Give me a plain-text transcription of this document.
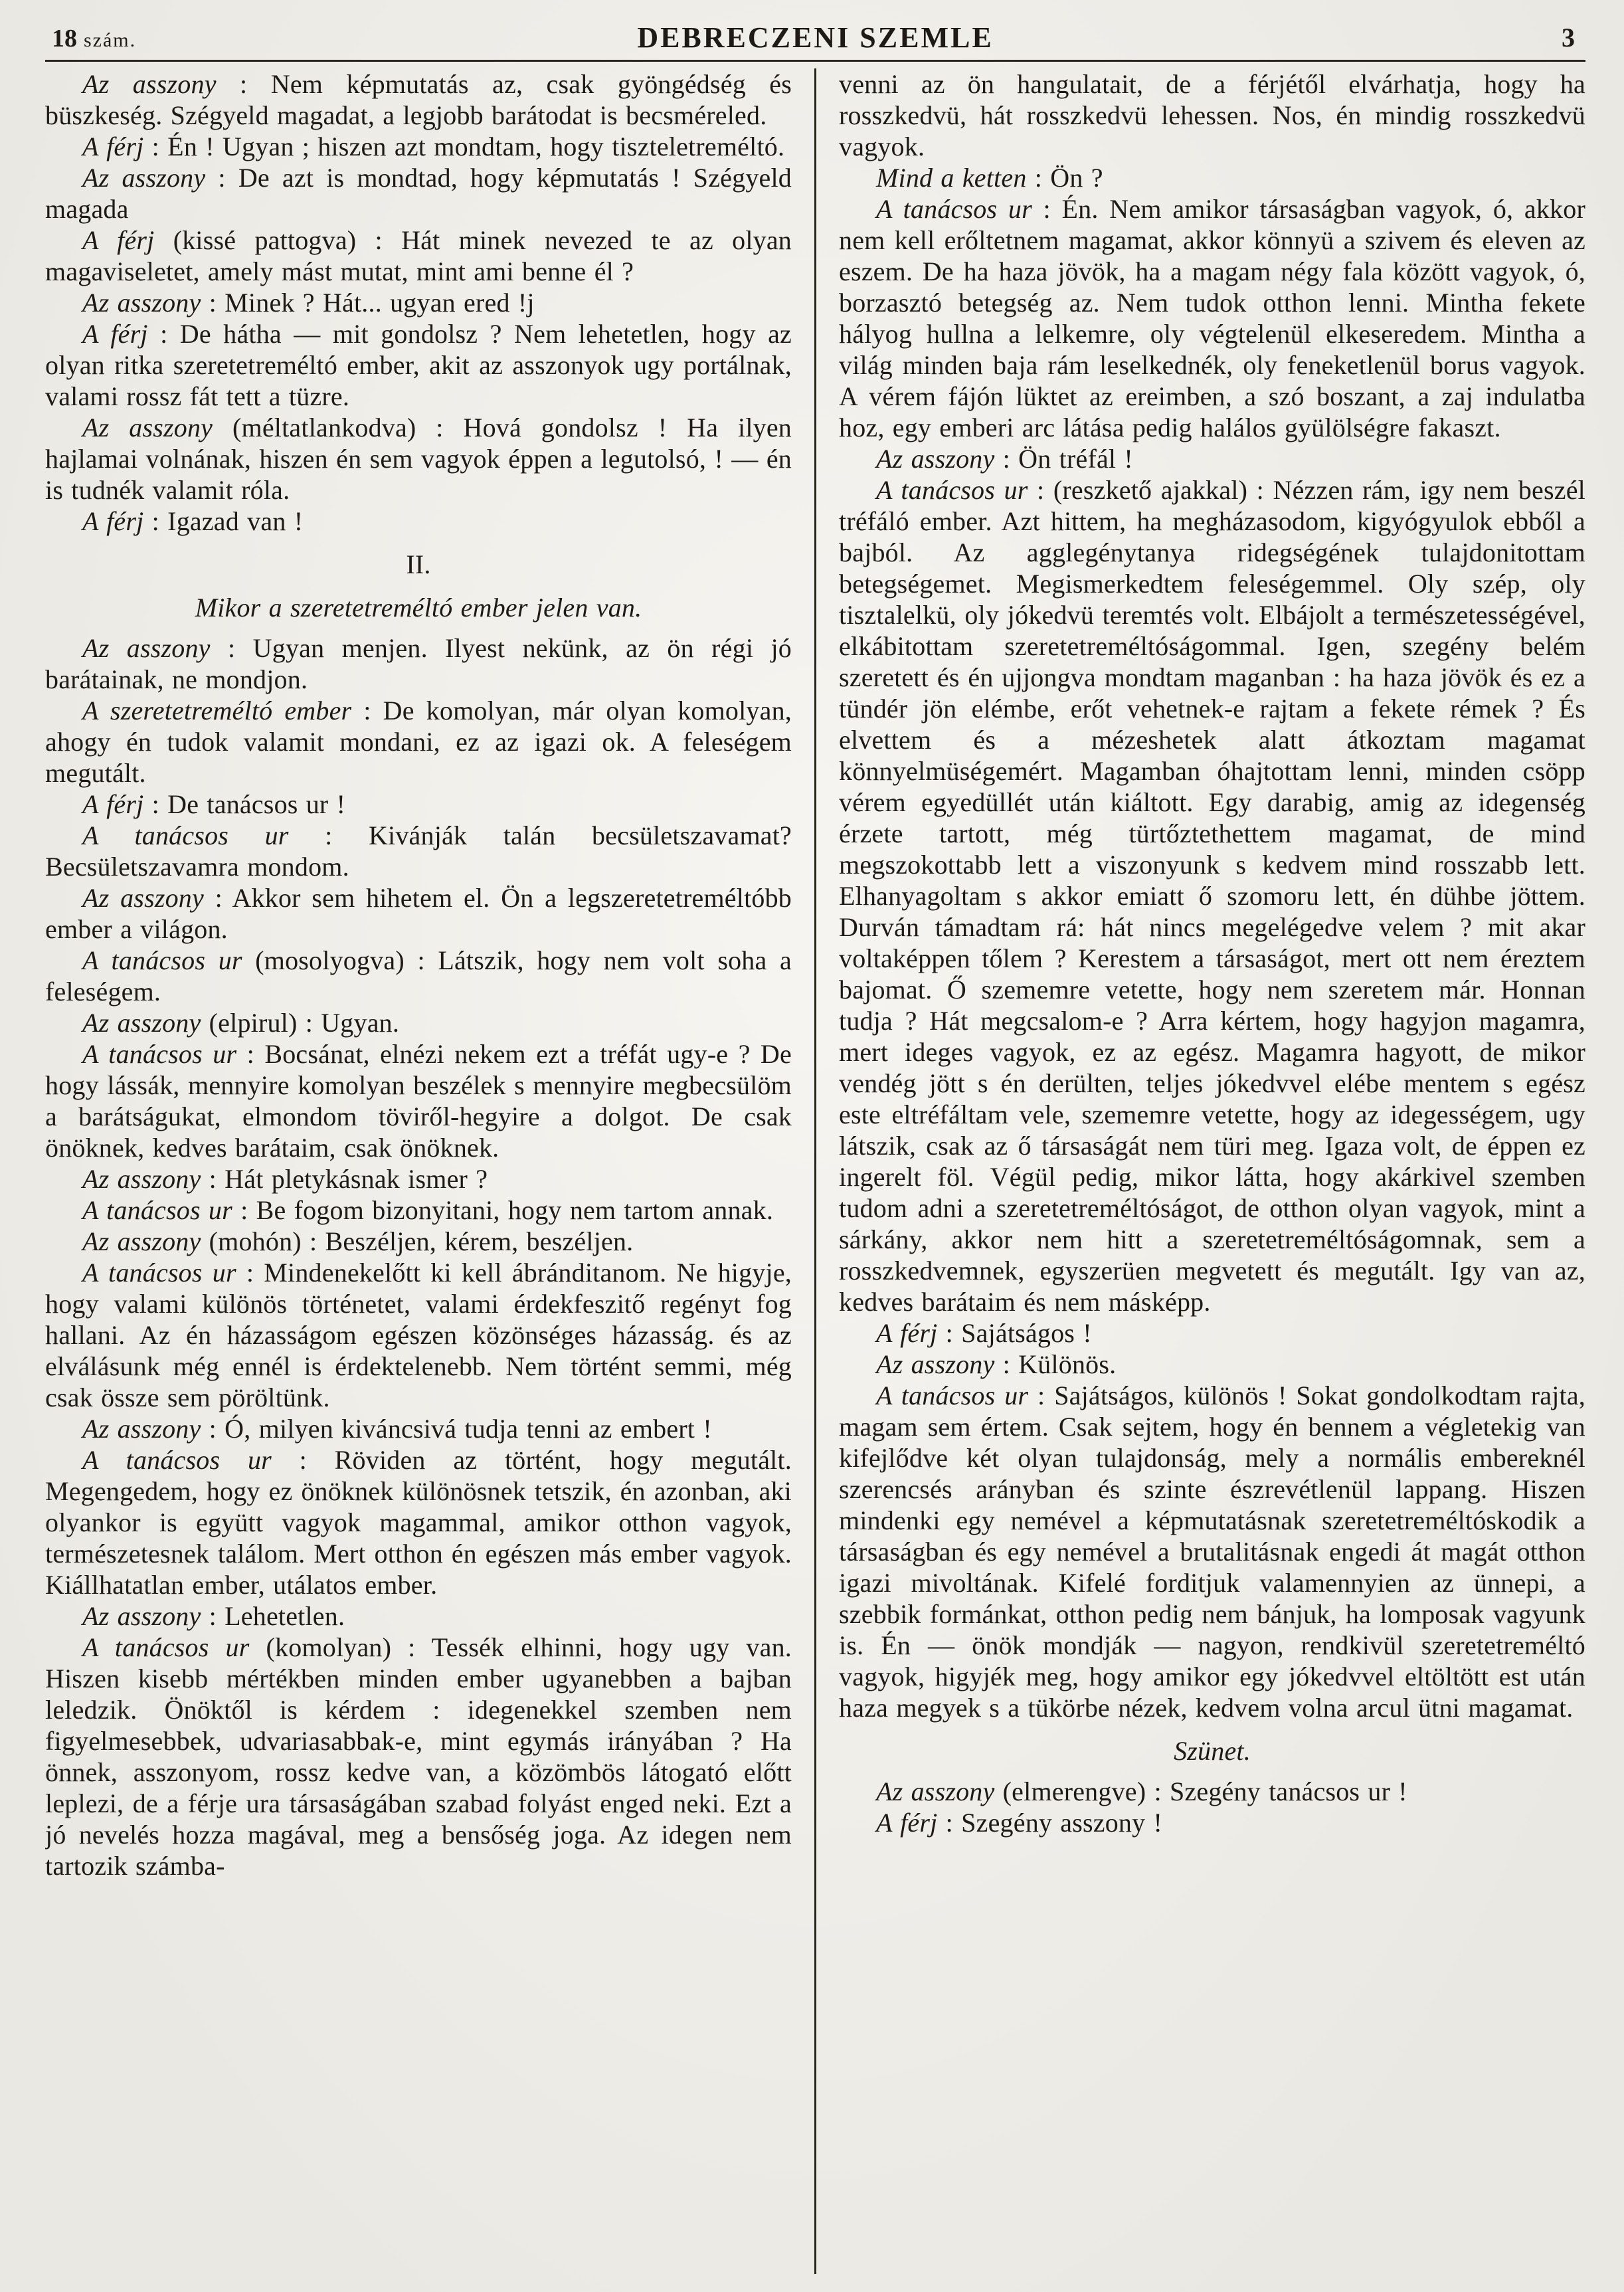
18 szám.	DEBRECZENI SZEMLE	3

Az asszony : Nem képmutatás az, csak gyöngédség és büszkeség. Szégyeld magadat, a legjobb barátodat is becsméreled.

A férj : Én ! Ugyan ; hiszen azt mondtam, hogy tiszteletreméltó.

Az asszony : De azt is mondtad, hogy képmutatás ! Szégyeld magada

A férj (kissé pattogva) : Hát minek nevezed te az olyan magaviseletet, amely mást mutat, mint ami benne él ?

Az asszony : Minek ? Hát... ugyan ered !j

A férj : De hátha — mit gondolsz ? Nem lehetetlen, hogy az olyan ritka szeretetreméltó ember, akit az asszonyok ugy portálnak, valami rossz fát tett a tüzre.

Az asszony (méltatlankodva) : Hová gondolsz ! Ha ilyen hajlamai volnának, hiszen én sem vagyok éppen a legutolsó, ! — én is tudnék valamit róla.

A férj : Igazad van !

II.

Mikor a szeretetreméltó ember jelen van.

Az asszony : Ugyan menjen. Ilyest nekünk, az ön régi jó barátainak, ne mondjon.

A szeretetreméltó ember : De komolyan, már olyan komolyan, ahogy én tudok valamit mondani, ez az igazi ok. A feleségem megutált.

A férj : De tanácsos ur !

A tanácsos ur : Kivánják talán becsületszavamat? Becsületszavamra mondom.

Az asszony : Akkor sem hihetem el. Ön a legszeretetreméltóbb ember a világon.

A tanácsos ur (mosolyogva) : Látszik, hogy nem volt soha a feleségem.

Az asszony (elpirul) : Ugyan.

A tanácsos ur : Bocsánat, elnézi nekem ezt a tréfát ugy-e ? De hogy lássák, mennyire komolyan beszélek s mennyire megbecsülöm a barátságukat, elmondom töviről-hegyire a dolgot. De csak önöknek, kedves barátaim, csak önöknek.

Az asszony : Hát pletykásnak ismer ?

A tanácsos ur : Be fogom bizonyitani, hogy nem tartom annak.

Az asszony (mohón) : Beszéljen, kérem, beszéljen.

A tanácsos ur : Mindenekelőtt ki kell ábránditanom. Ne higyje, hogy valami különös történetet, valami érdekfeszitő regényt fog hallani. Az én házasságom egészen közönséges házasság. és az elválásunk még ennél is érdektelenebb. Nem történt semmi, még csak össze sem pöröltünk.

Az asszony : Ó, milyen kiváncsivá tudja tenni az embert !

A tanácsos ur : Röviden az történt, hogy megutált. Megengedem, hogy ez önöknek különösnek tetszik, én azonban, aki olyankor is együtt vagyok magammal, amikor otthon vagyok, természetesnek találom. Mert otthon én egészen más ember vagyok. Kiállhatatlan ember, utálatos ember.

Az asszony : Lehetetlen.

A tanácsos ur (komolyan) : Tessék elhinni, hogy ugy van. Hiszen kisebb mértékben minden ember ugyanebben a bajban leledzik. Önöktől is kérdem : idegenekkel szemben nem figyelmesebbek, udvariasabbak-e, mint egymás irányában ? Ha önnek, asszonyom, rossz kedve van, a közömbös látogató előtt leplezi, de a férje ura társaságában szabad folyást enged neki. Ezt a jó nevelés hozza magával, meg a bensőség joga. Az idegen nem tartozik számba-

venni az ön hangulatait, de a férjétől elvárhatja, hogy ha rosszkedvü, hát rosszkedvü lehessen. Nos, én mindig rosszkedvü vagyok.

Mind a ketten : Ön ?

A tanácsos ur : Én. Nem amikor társaságban vagyok, ó, akkor nem kell erőltetnem magamat, akkor könnyü a szivem és eleven az eszem. De ha haza jövök, ha a magam négy fala között vagyok, ó, borzasztó betegség az. Nem tudok otthon lenni. Mintha fekete hályog hullna a lelkemre, oly végtelenül elkeseredem. Mintha a világ minden baja rám leselkednék, oly feneketlenül borus vagyok. A vérem fájón lüktet az ereimben, a szó boszant, a zaj indulatba hoz, egy emberi arc látása pedig halálos gyülölségre fakaszt.

Az asszony : Ön tréfál !

A tanácsos ur : (reszkető ajakkal) : Nézzen rám, igy nem beszél tréfáló ember. Azt hittem, ha megházasodom, kigyógyulok ebből a bajból. Az agglegénytanya ridegségének tulajdonitottam betegségemet. Megismerkedtem feleségemmel. Oly szép, oly tisztalelkü, oly jókedvü teremtés volt. Elbájolt a természetességével, elkábitottam szeretetreméltóságommal. Igen, szegény belém szeretett és én ujjongva mondtam maganban : ha haza jövök és ez a tündér jön elémbe, erőt vehetnek-e rajtam a fekete rémek ? És elvettem és a mézeshetek alatt átkoztam magamat könnyelmüségemért. Magamban óhajtottam lenni, minden csöpp vérem egyedüllét után kiáltott. Egy darabig, amig az idegenség érzete tartott, még türtőztethettem magamat, de mind megszokottabb lett a viszonyunk s kedvem mind rosszabb lett. Elhanyagoltam s akkor emiatt ő szomoru lett, én dühbe jöttem. Durván támadtam rá: hát nincs megelégedve velem ? mit akar voltaképpen tőlem ? Kerestem a társaságot, mert ott nem éreztem bajomat. Ő szememre vetette, hogy nem szeretem már. Honnan tudja ? Hát megcsalom-e ? Arra kértem, hogy hagyjon magamra, mert ideges vagyok, ez az egész. Magamra hagyott, de mikor vendég jött s én derülten, teljes jókedvvel elébe mentem s egész este eltréfáltam vele, szememre vetette, hogy az idegességem, ugy látszik, csak az ő társaságát nem türi meg. Igaza volt, de éppen ez ingerelt föl. Végül pedig, mikor látta, hogy akárkivel szemben tudom adni a szeretetreméltóságot, de otthon olyan vagyok, mint a sárkány, akkor nem hitt a szeretetreméltóságomnak, sem a rosszkedvemnek, egyszerüen megvetett és megutált. Igy van az, kedves barátaim és nem másképp.

A férj : Sajátságos !

Az asszony : Különös.

A tanácsos ur : Sajátságos, különös ! Sokat gondolkodtam rajta, magam sem értem. Csak sejtem, hogy én bennem a végletekig van kifejlődve két olyan tulajdonság, mely a normális embereknél szerencsés arányban és szinte észrevétlenül lappang. Hiszen mindenki egy nemével a képmutatásnak szeretetreméltóskodik a társaságban és egy nemével a brutalitásnak engedi át magát otthon igazi mivoltának. Kifelé forditjuk valamennyien az ünnepi, a szebbik formánkat, otthon pedig nem bánjuk, ha lomposak vagyunk is. Én — önök mondják — nagyon, rendkivül szeretetreméltó vagyok, higyjék meg, hogy amikor egy jókedvvel eltöltött est után haza megyek s a tükörbe nézek, kedvem volna arcul ütni magamat.

Szünet.

Az asszony (elmerengve) : Szegény tanácsos ur !

A férj : Szegény asszony !
